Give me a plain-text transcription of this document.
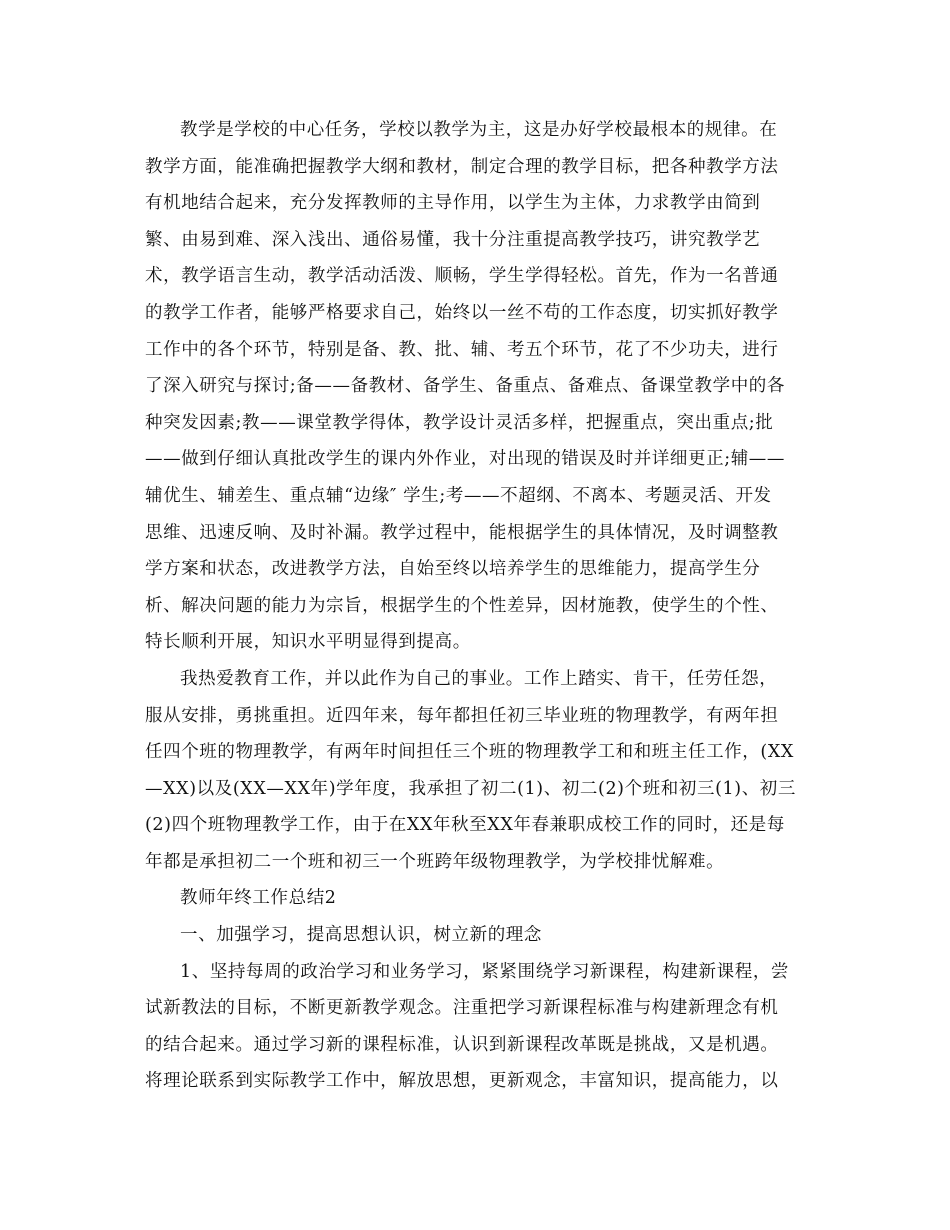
教学是学校的中心任务，学校以教学为主，这是办好学校最根本的规律。在
教学方面，能准确把握教学大纲和教材，制定合理的教学目标，把各种教学方法
有机地结合起来，充分发挥教师的主导作用，以学生为主体，力求教学由简到
繁、由易到难、深入浅出、通俗易懂，我十分注重提高教学技巧，讲究教学艺
术，教学语言生动，教学活动活泼、顺畅，学生学得轻松。首先，作为一名普通
的教学工作者，能够严格要求自己，始终以一丝不苟的工作态度，切实抓好教学
工作中的各个环节，特别是备、教、批、辅、考五个环节，花了不少功夫，进行
了深入研究与探讨;备——备教材、备学生、备重点、备难点、备课堂教学中的各
种突发因素;教——课堂教学得体，教学设计灵活多样，把握重点，突出重点;批
——做到仔细认真批改学生的课内外作业，对出现的错误及时并详细更正;辅——
辅优生、辅差生、重点辅“边缘″ 学生;考——不超纲、不离本、考题灵活、开发
思维、迅速反响、及时补漏。教学过程中，能根据学生的具体情况，及时调整教
学方案和状态，改进教学方法，自始至终以培养学生的思维能力，提高学生分
析、解决问题的能力为宗旨，根据学生的个性差异，因材施教，使学生的个性、
特长顺利开展，知识水平明显得到提高。
我热爱教育工作，并以此作为自己的事业。工作上踏实、肯干，任劳任怨，
服从安排，勇挑重担。近四年来，每年都担任初三毕业班的物理教学，有两年担
任四个班的物理教学，有两年时间担任三个班的物理教学工和和班主任工作，(XX
—XX)以及(XX—XX年)学年度，我承担了初二(1)、初二(2)个班和初三(1)、初三
(2)四个班物理教学工作，由于在XX年秋至XX年春兼职成校工作的同时，还是每
年都是承担初二一个班和初三一个班跨年级物理教学，为学校排忧解难。
教师年终工作总结2
一、加强学习，提高思想认识，树立新的理念
1、坚持每周的政治学习和业务学习，紧紧围绕学习新课程，构建新课程，尝
试新教法的目标，不断更新教学观念。注重把学习新课程标准与构建新理念有机
的结合起来。通过学习新的课程标准，认识到新课程改革既是挑战，又是机遇。
将理论联系到实际教学工作中，解放思想，更新观念，丰富知识，提高能力，以
